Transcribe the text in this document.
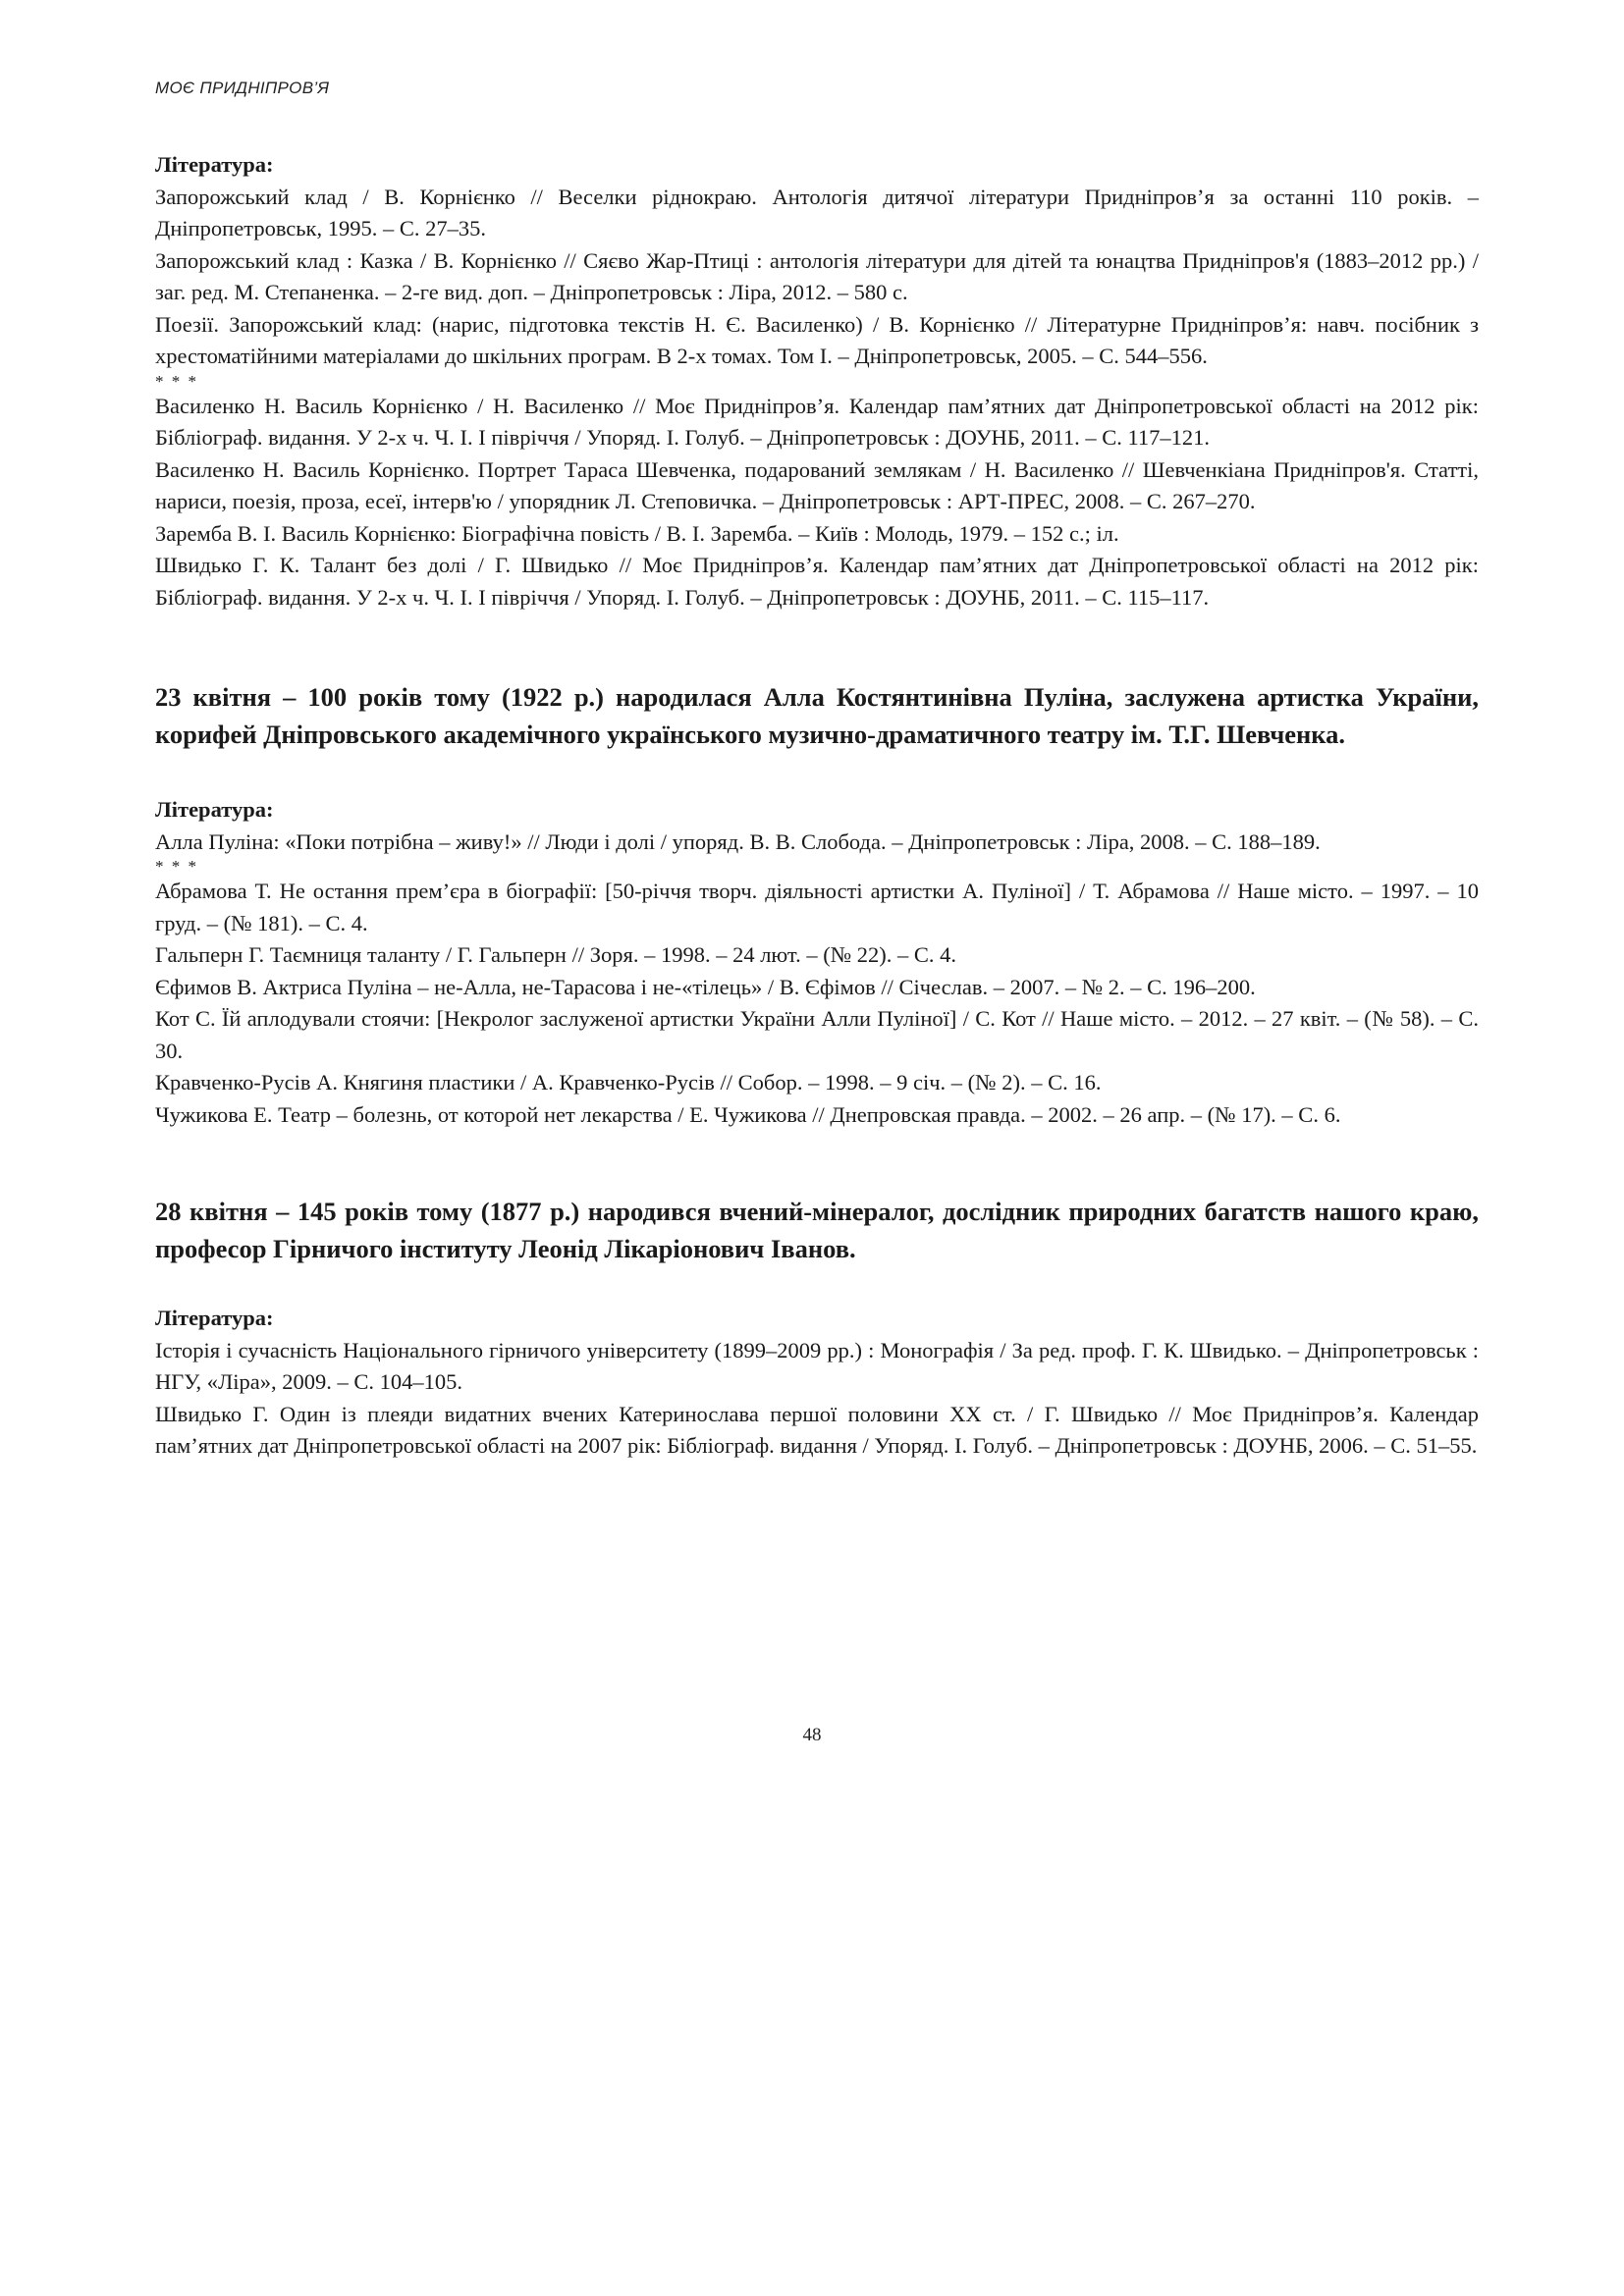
МОЄ ПРИДНІПРОВ’Я

Література:

Запорожський клад / В. Корнієнко // Веселки ріднокраю. Антологія дитячої літератури Придніпров’я за останні 110 років. – Дніпропетровськ, 1995. – С. 27–35.

Запорожський клад : Казка / В. Корнієнко // Сяєво Жар-Птиці : антологія літератури для дітей та юнацтва Придніпров'я (1883–2012 рр.) / заг. ред. М. Степаненка. – 2-ге вид. доп. – Дніпропетровськ : Ліра, 2012. – 580 с.

Поезії. Запорожський клад: (нарис, підготовка текстів Н. Є. Василенко) / В. Корнієнко // Літературне Придніпров’я: навч. посібник з хрестоматійними матеріалами до шкільних програм. В 2-х томах. Том І. – Дніпропетровськ, 2005. – С. 544–556.

* * *

Василенко Н. Василь Корнієнко / Н. Василенко // Моє Придніпров’я. Календар пам’ятних дат Дніпропетровської області на 2012 рік: Бібліограф. видання. У 2-х ч. Ч. І. І півріччя / Упоряд. І. Голуб. – Дніпропетровськ : ДОУНБ, 2011. – С. 117–121.

Василенко Н. Василь Корнієнко. Портрет Тараса Шевченка, подарований землякам / Н. Василенко // Шевченкіана Придніпров'я. Статті, нариси, поезія, проза, есеї, інтерв'ю / упорядник Л. Степовичка. – Дніпропетровськ : АРТ-ПРЕС, 2008. – С. 267–270.

Заремба В. І. Василь Корнієнко: Біографічна повість / В. І. Заремба. – Київ : Молодь, 1979. – 152 с.; іл.

Швидько Г. К. Талант без долі / Г. Швидько // Моє Придніпров’я. Календар пам’ятних дат Дніпропетровської області на 2012 рік: Бібліограф. видання. У 2-х ч. Ч. І. І півріччя / Упоряд. І. Голуб. – Дніпропетровськ : ДОУНБ, 2011. – С. 115–117.

23 квітня – 100 років тому (1922 р.) народилася Алла Костянтинівна Пуліна, заслужена артистка України, корифей Дніпровського академічного українського музично-драматичного театру ім. Т.Г. Шевченка.

Література:

Алла Пуліна: «Поки потрібна – живу!» // Люди і долі / упоряд. В. В. Слобода. – Дніпропетровськ : Ліра, 2008. – С. 188–189.

* * *

Абрамова Т. Не остання прем’єра в біографії: [50-річчя творч. діяльності артистки А. Пуліної] / Т. Абрамова // Наше місто. – 1997. – 10 груд. – (№ 181). – С. 4.

Гальперн Г. Таємниця таланту / Г. Гальперн // Зоря. – 1998. – 24 лют. – (№ 22). – С. 4.

Єфимов В. Актриса Пуліна – не-Алла, не-Тарасова і не-«тілець» / В. Єфімов // Січеслав. – 2007. – № 2. – С. 196–200.

Кот С. Їй аплодували стоячи: [Некролог заслуженої артистки України Алли Пуліної] / С. Кот // Наше місто. – 2012. – 27 квіт. – (№ 58). – С. 30.

Кравченко-Русів А. Княгиня пластики / А. Кравченко-Русів // Собор. – 1998. – 9 січ. – (№ 2). – С. 16.

Чужикова Е. Театр – болезнь, от которой нет лекарства / Е. Чужикова // Днепровская правда. – 2002. – 26 апр. – (№ 17). – С. 6.

28 квітня – 145 років тому (1877 р.) народився вчений-мінералог, дослідник природних багатств нашого краю, професор Гірничого інституту Леонід Лікаріонович Іванов.

Література:

Історія і сучасність Національного гірничого університету (1899–2009 рр.) : Монографія / За ред. проф. Г. К. Швидько. – Дніпропетровськ : НГУ, «Ліра», 2009. – С. 104–105.

Швидько Г. Один із плеяди видатних вчених Катеринослава першої половини ХХ ст. / Г. Швидько // Моє Придніпров’я. Календар пам’ятних дат Дніпропетровської області на 2007 рік: Бібліограф. видання / Упоряд. І. Голуб. – Дніпропетровськ : ДОУНБ, 2006. – С. 51–55.

48
